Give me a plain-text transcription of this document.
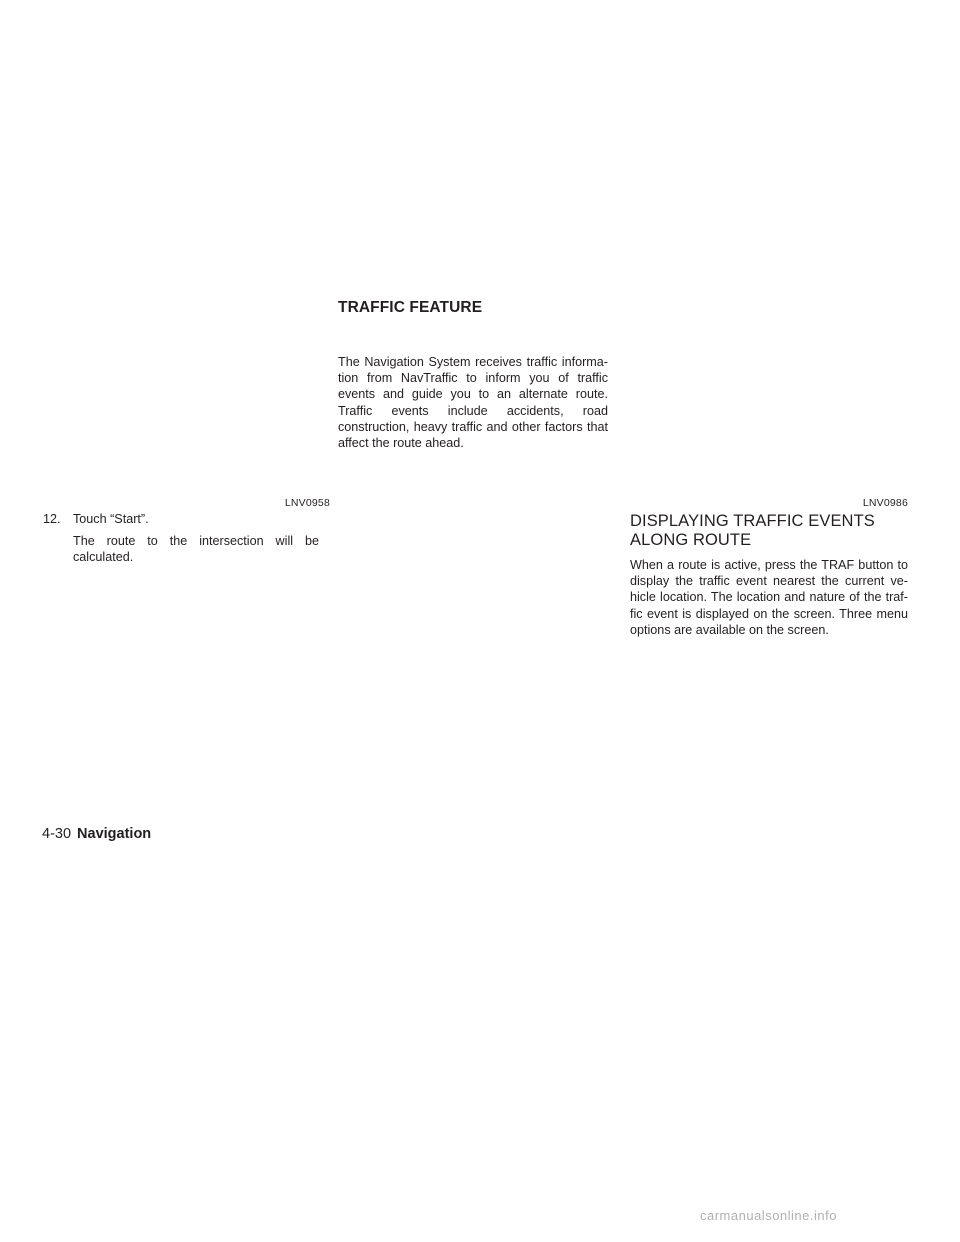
TRAFFIC FEATURE
The Navigation System receives traffic informa-tion from NavTraffic to inform you of traffic events and guide you to an alternate route. Traffic events include accidents, road construction, heavy traffic and other factors that affect the route ahead.
LNV0958	LNV0986
12. Touch “Start”.
The route to the intersection will be calculated.
DISPLAYING TRAFFIC EVENTS
ALONG ROUTE
When a route is active, press the TRAF button to display the traffic event nearest the current ve-hicle location. The location and nature of the traf-fic event is displayed on the screen. Three menu options are available on the screen.
4-30 Navigation
carmanualsonline.info
